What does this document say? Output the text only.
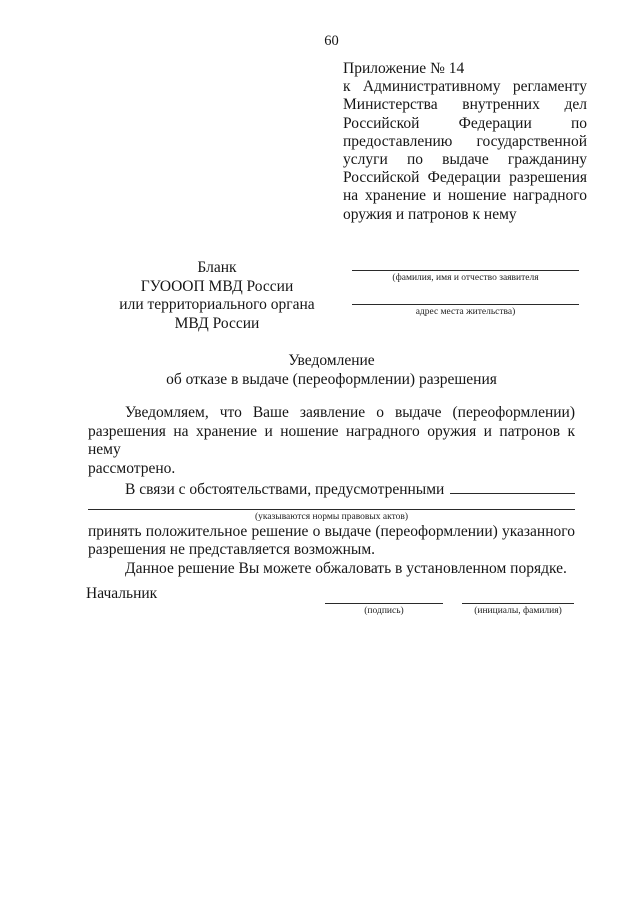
60
Приложение № 14
к Административному регламенту
Министерства внутренних дел
Российской Федерации по
предоставлению государственной
услуги по выдаче гражданину
Российской Федерации разрешения
на хранение и ношение наградного
оружия и патронов к нему
Бланк
ГУОООП МВД России
или территориального органа
МВД России
(фамилия, имя и отчество заявителя
адрес места жительства)
Уведомление
об отказе в выдаче (переоформлении) разрешения
Уведомляем, что Ваше заявление о выдаче (переоформлении)
разрешения на хранение и ношение наградного оружия и патронов к нему
рассмотрено.
В связи с обстоятельствами, предусмотренными
(указываются нормы правовых актов)
принять положительное решение о выдаче (переоформлении) указанного
разрешения не представляется возможным.
Данное решение Вы можете обжаловать в установленном порядке.
Начальник
(подпись)	(инициалы, фамилия)
